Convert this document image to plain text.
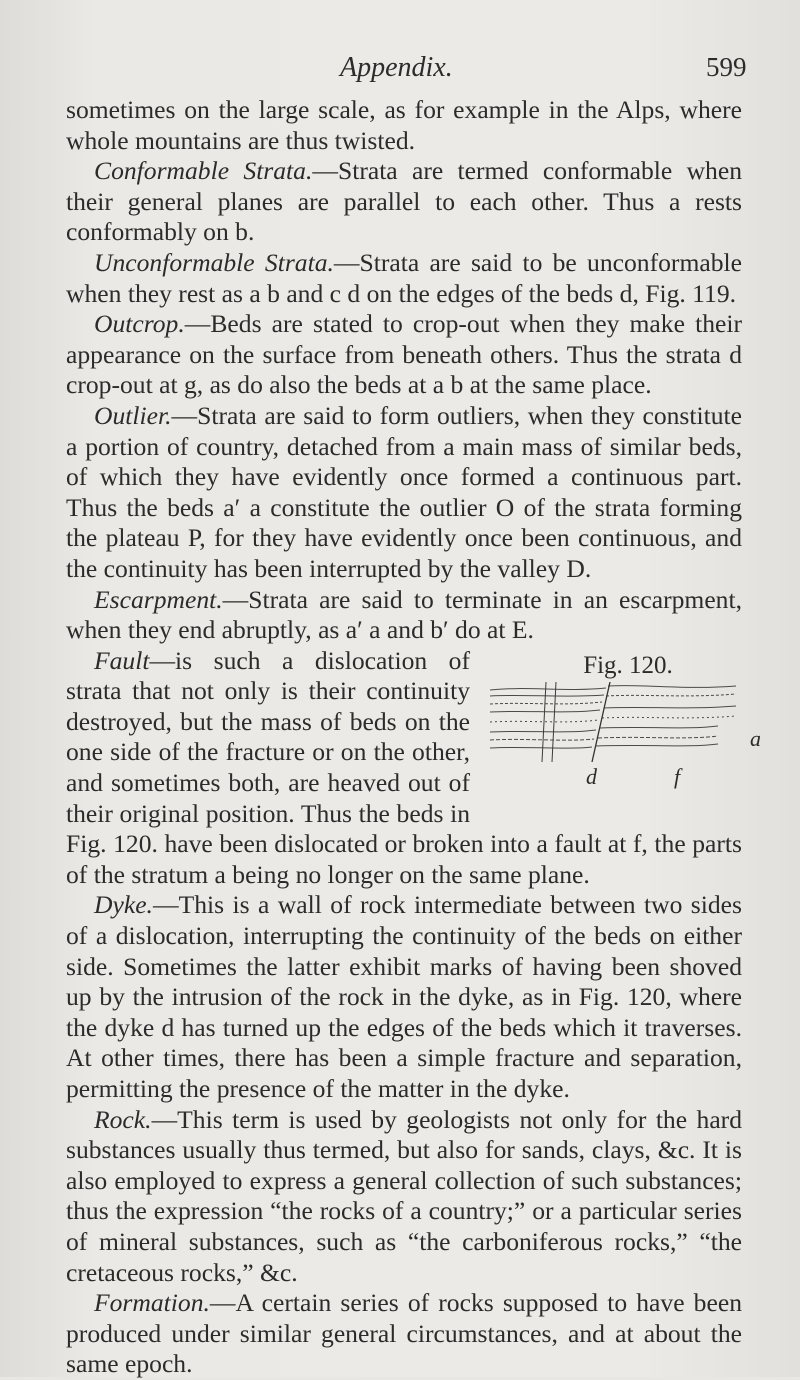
Appendix.	599

sometimes on the large scale, as for example in the Alps, where whole mountains are thus twisted.

Conformable Strata.—Strata are termed conformable when their general planes are parallel to each other. Thus a rests conformably on b.

Unconformable Strata.—Strata are said to be unconformable when they rest as a b and c d on the edges of the beds d, Fig. 119.

Outcrop.—Beds are stated to crop-out when they make their appearance on the surface from beneath others. Thus the strata d crop-out at g, as do also the beds at a b at the same place.

Outlier.—Strata are said to form outliers, when they constitute a portion of country, detached from a main mass of similar beds, of which they have evidently once formed a continuous part. Thus the beds a′ a constitute the outlier O of the strata forming the plateau P, for they have evidently once been continuous, and the continuity has been interrupted by the valley D.

Escarpment.—Strata are said to terminate in an escarpment, when they end abruptly, as a′ a and b′ do at E.

Fig. 120.
a
d	f
Fault—is such a dislocation of strata that not only is their continuity destroyed, but the mass of beds on the one side of the fracture or on the other, and sometimes both, are heaved out of their original position. Thus the beds in Fig. 120. have been dislocated or broken into a fault at f, the parts of the stratum a being no longer on the same plane.

Dyke.—This is a wall of rock intermediate between two sides of a dislocation, interrupting the continuity of the beds on either side. Sometimes the latter exhibit marks of having been shoved up by the intrusion of the rock in the dyke, as in Fig. 120, where the dyke d has turned up the edges of the beds which it traverses. At other times, there has been a simple fracture and separation, permitting the presence of the matter in the dyke.

Rock.—This term is used by geologists not only for the hard substances usually thus termed, but also for sands, clays, &c. It is also employed to express a general collection of such substances; thus the expression “the rocks of a country;” or a particular series of mineral substances, such as “the carboniferous rocks,” “the cretaceous rocks,” &c.

Formation.—A certain series of rocks supposed to have been produced under similar general circumstances, and at about the same epoch.
